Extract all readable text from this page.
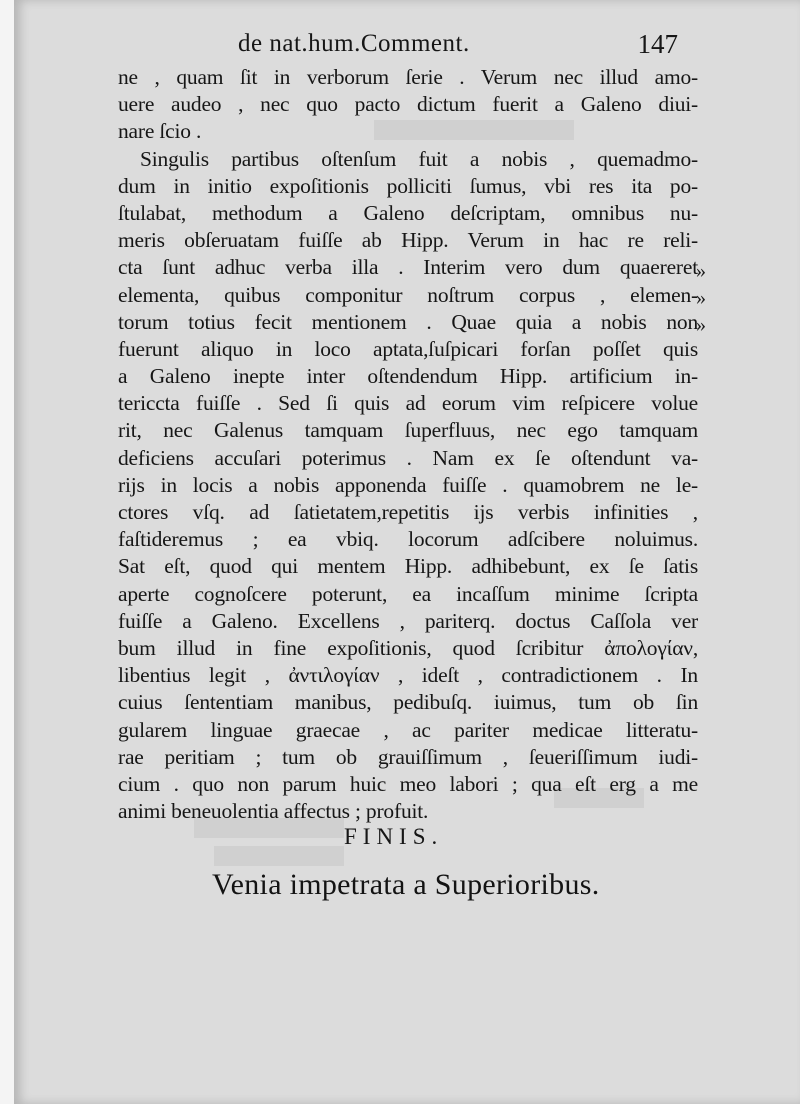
de nat.hum.Comment.	147
ne , quam ſit in verborum ſerie . Verum nec illud amo-
uere audeo , nec quo pacto dictum fuerit a Galeno diui-
nare ſcio .
Singulis partibus oſtenſum fuit a nobis , quemadmo-
dum in initio expoſitionis polliciti ſumus, vbi res ita po-
ſtulabat, methodum a Galeno deſcriptam, omnibus nu-
meris obſeruatam fuiſſe ab Hipp. Verum in hac re reli-
cta ſunt adhuc verba illa . Interim vero dum quaereret
elementa, quibus componitur noſtrum corpus , elemen-
torum totius fecit mentionem . Quae quia a nobis non
fuerunt aliquo in loco aptata,ſuſpicari forſan poſſet quis
a Galeno inepte inter oſtendendum Hipp. artificium in-
tericcta fuiſſe . Sed ſi quis ad eorum vim reſpicere volue
rit, nec Galenus tamquam ſuperfluus, nec ego tamquam
deficiens accuſari poterimus . Nam ex ſe oſtendunt va-
rijs in locis a nobis apponenda fuiſſe . quamobrem ne le-
ctores vſq. ad ſatietatem,repetitis iјs verbis infinities ,
faſtideremus ; ea vbiq. locorum adſcibere noluimus.
Sat eſt, quod qui mentem Hipp. adhibebunt, ex ſe ſatis
aperte cognoſcere poterunt, ea incaſſum minime ſcripta
fuiſſe a Galeno. Excellens , pariterq. doctus Caſſola ver
bum illud in fine expoſitionis, quod ſcribitur ἀπολογίαν,
libentius legit , ἀντιλογίαν , ideſt , contradictionem . In
cuius ſententiam manibus, pedibuſq. iuimus, tum ob ſin
gularem linguae graecae , ac pariter medicae litteratu-
rae peritiam ; tum ob grauiſſimum , ſeueriſſimum iudi-
cium . quo non parum huic meo labori ; qua eſt erg a me
animi beneuolentia affectus ; profuit.
»
»
»
FINIS.
Venia impetrata a Superioribus.
